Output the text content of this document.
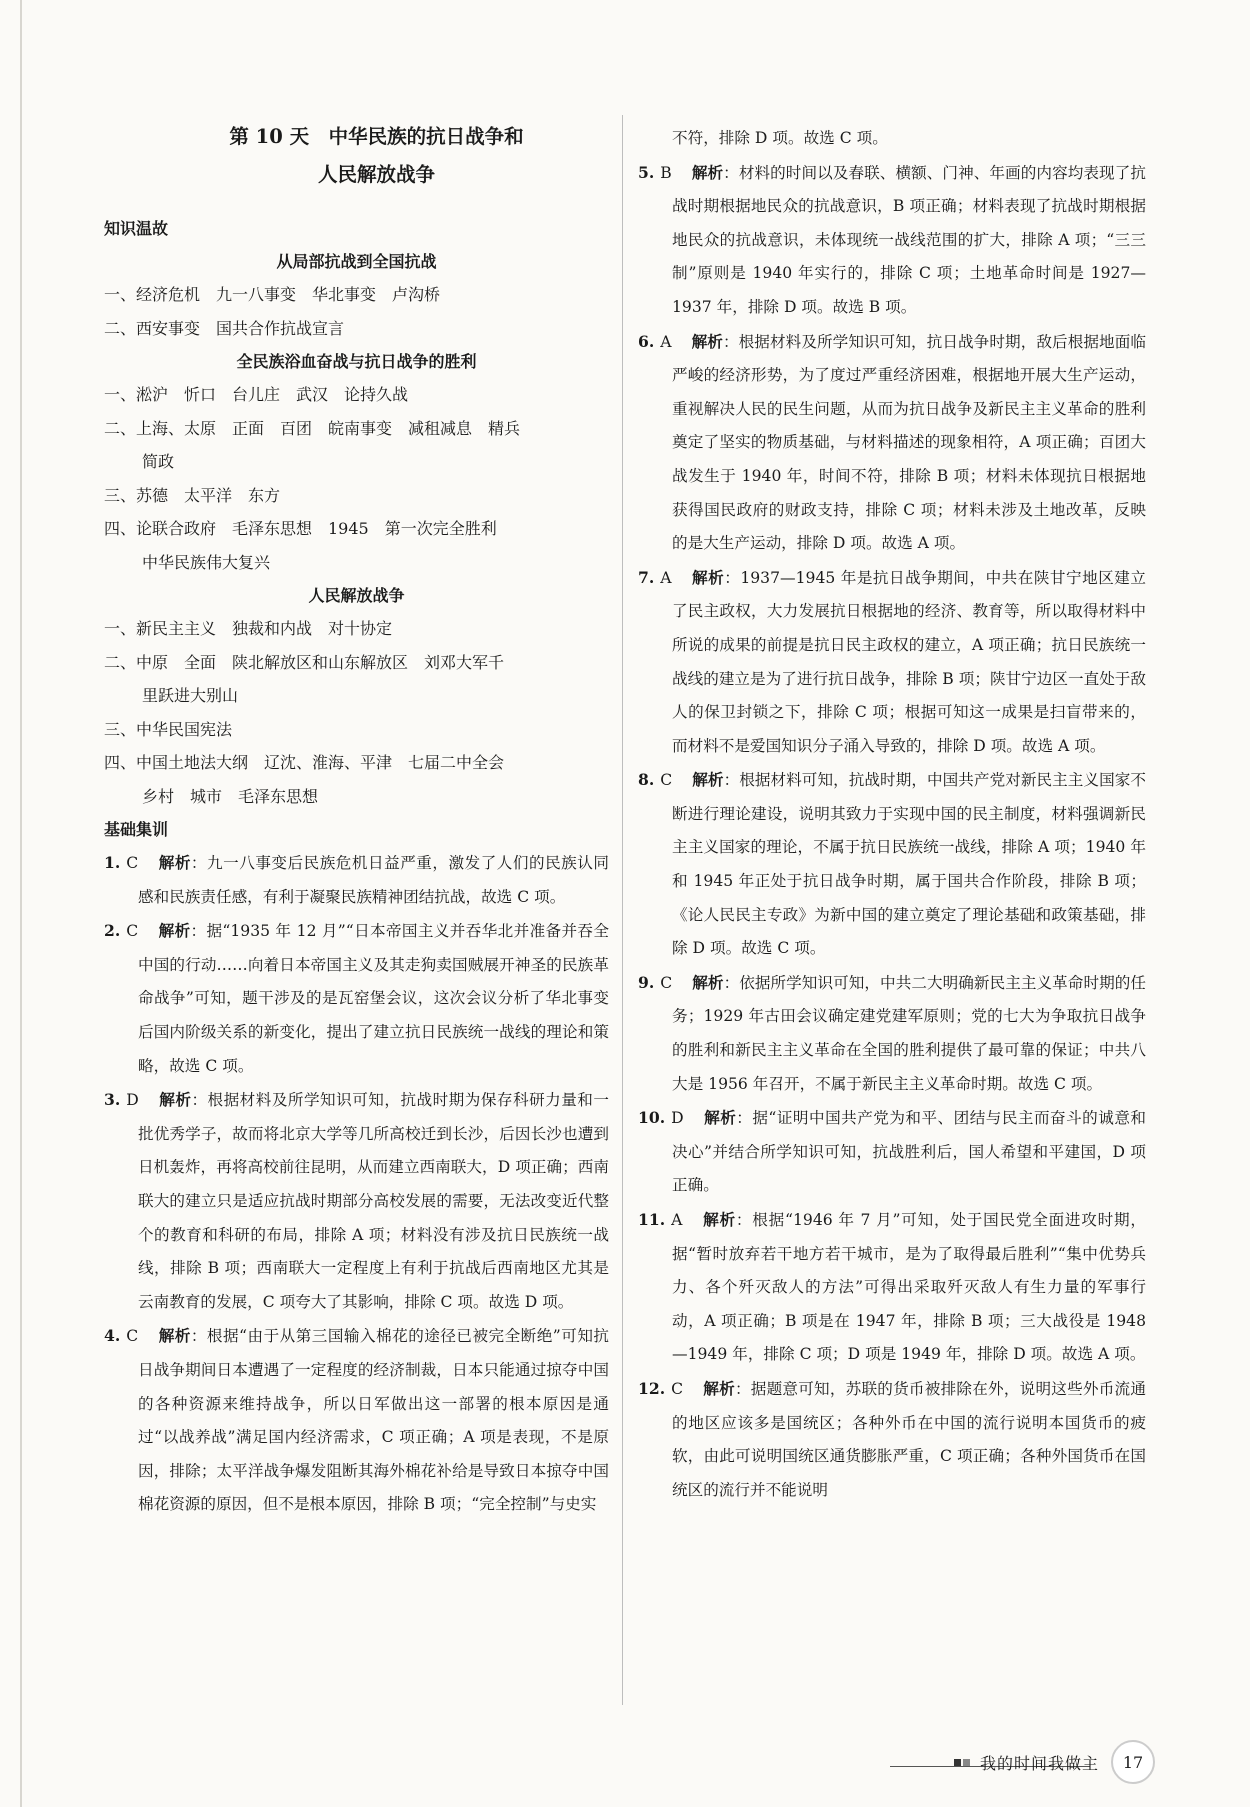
第 10 天　中华民族的抗日战争和
人民解放战争
知识温故
从局部抗战到全国抗战
一、经济危机　九一八事变　华北事变　卢沟桥
二、西安事变　国共合作抗战宣言
全民族浴血奋战与抗日战争的胜利
一、淞沪　忻口　台儿庄　武汉　论持久战
二、上海、太原　正面　百团　皖南事变　减租减息　精兵
简政
三、苏德　太平洋　东方
四、论联合政府　毛泽东思想　1945　第一次完全胜利
中华民族伟大复兴
人民解放战争
一、新民主主义　独裁和内战　对十协定
二、中原　全面　陕北解放区和山东解放区　刘邓大军千
里跃进大别山
三、中华民国宪法
四、中国土地法大纲　辽沈、淮海、平津　七届二中全会
乡村　城市　毛泽东思想
基础集训
1. C 解析：九一八事变后民族危机日益严重，激发了人们的民族认同感和民族责任感，有利于凝聚民族精神团结抗战，故选 C 项。
2. C 解析：据“1935 年 12 月”“日本帝国主义并吞华北并准备并吞全中国的行动……向着日本帝国主义及其走狗卖国贼展开神圣的民族革命战争”可知，题干涉及的是瓦窑堡会议，这次会议分析了华北事变后国内阶级关系的新变化，提出了建立抗日民族统一战线的理论和策略，故选 C 项。
3. D 解析：根据材料及所学知识可知，抗战时期为保存科研力量和一批优秀学子，故而将北京大学等几所高校迁到长沙，后因长沙也遭到日机轰炸，再将高校前往昆明，从而建立西南联大，D 项正确；西南联大的建立只是适应抗战时期部分高校发展的需要，无法改变近代整个的教育和科研的布局，排除 A 项；材料没有涉及抗日民族统一战线，排除 B 项；西南联大一定程度上有利于抗战后西南地区尤其是云南教育的发展，C 项夸大了其影响，排除 C 项。故选 D 项。
4. C 解析：根据“由于从第三国输入棉花的途径已被完全断绝”可知抗日战争期间日本遭遇了一定程度的经济制裁，日本只能通过掠夺中国的各种资源来维持战争，所以日军做出这一部署的根本原因是通过“以战养战”满足国内经济需求，C 项正确；A 项是表现，不是原因，排除；太平洋战争爆发阻断其海外棉花补给是导致日本掠夺中国棉花资源的原因，但不是根本原因，排除 B 项；“完全控制”与史实
不符，排除 D 项。故选 C 项。
5. B 解析：材料的时间以及春联、横额、门神、年画的内容均表现了抗战时期根据地民众的抗战意识，B 项正确；材料表现了抗战时期根据地民众的抗战意识，未体现统一战线范围的扩大，排除 A 项；“三三制”原则是 1940 年实行的，排除 C 项；土地革命时间是 1927—1937 年，排除 D 项。故选 B 项。
6. A 解析：根据材料及所学知识可知，抗日战争时期，敌后根据地面临严峻的经济形势，为了度过严重经济困难，根据地开展大生产运动，重视解决人民的民生问题，从而为抗日战争及新民主主义革命的胜利奠定了坚实的物质基础，与材料描述的现象相符，A 项正确；百团大战发生于 1940 年，时间不符，排除 B 项；材料未体现抗日根据地获得国民政府的财政支持，排除 C 项；材料未涉及土地改革，反映的是大生产运动，排除 D 项。故选 A 项。
7. A 解析：1937—1945 年是抗日战争期间，中共在陕甘宁地区建立了民主政权，大力发展抗日根据地的经济、教育等，所以取得材料中所说的成果的前提是抗日民主政权的建立，A 项正确；抗日民族统一战线的建立是为了进行抗日战争，排除 B 项；陕甘宁边区一直处于敌人的保卫封锁之下，排除 C 项；根据可知这一成果是扫盲带来的，而材料不是爱国知识分子涌入导致的，排除 D 项。故选 A 项。
8. C 解析：根据材料可知，抗战时期，中国共产党对新民主主义国家不断进行理论建设，说明其致力于实现中国的民主制度，材料强调新民主主义国家的理论，不属于抗日民族统一战线，排除 A 项；1940 年和 1945 年正处于抗日战争时期，属于国共合作阶段，排除 B 项；《论人民民主专政》为新中国的建立奠定了理论基础和政策基础，排除 D 项。故选 C 项。
9. C 解析：依据所学知识可知，中共二大明确新民主主义革命时期的任务；1929 年古田会议确定建党建军原则；党的七大为争取抗日战争的胜利和新民主主义革命在全国的胜利提供了最可靠的保证；中共八大是 1956 年召开，不属于新民主主义革命时期。故选 C 项。
10. D 解析：据“证明中国共产党为和平、团结与民主而奋斗的诚意和决心”并结合所学知识可知，抗战胜利后，国人希望和平建国，D 项正确。
11. A 解析：根据“1946 年 7 月”可知，处于国民党全面进攻时期，据“暂时放弃若干地方若干城市，是为了取得最后胜利”“集中优势兵力、各个歼灭敌人的方法”可得出采取歼灭敌人有生力量的军事行动，A 项正确；B 项是在 1947 年，排除 B 项；三大战役是 1948—1949 年，排除 C 项；D 项是 1949 年，排除 D 项。故选 A 项。
12. C 解析：据题意可知，苏联的货币被排除在外，说明这些外币流通的地区应该多是国统区；各种外币在中国的流行说明本国货币的疲软，由此可说明国统区通货膨胀严重，C 项正确；各种外国货币在国统区的流行并不能说明
我的时间我做主 17
